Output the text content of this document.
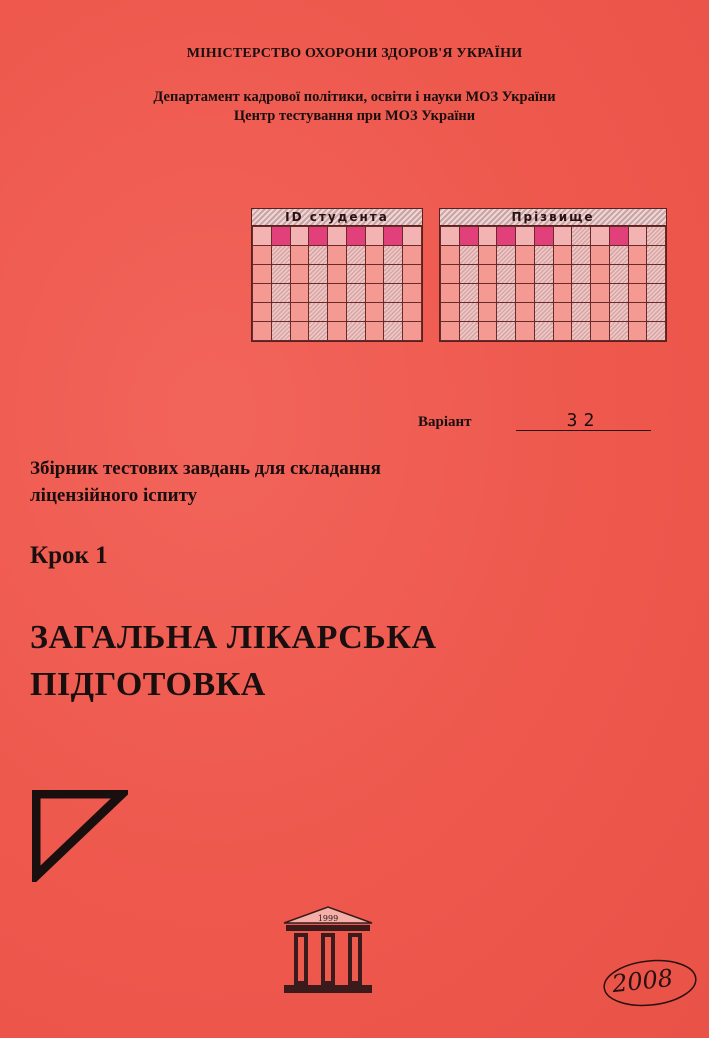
МІНІСТЕРСТВО ОХОРОНИ ЗДОРОВ'Я УКРАЇНИ
Департамент кадрової політики, освіти і науки МОЗ України
Центр тестування при МОЗ України
ID студента

									Прізвище

Варіант	32
Збірник тестових завдань для складання
ліцензійного іспиту
Крок 1
ЗАГАЛЬНА ЛІКАРСЬКА
ПІДГОТОВКА
1999
2008
